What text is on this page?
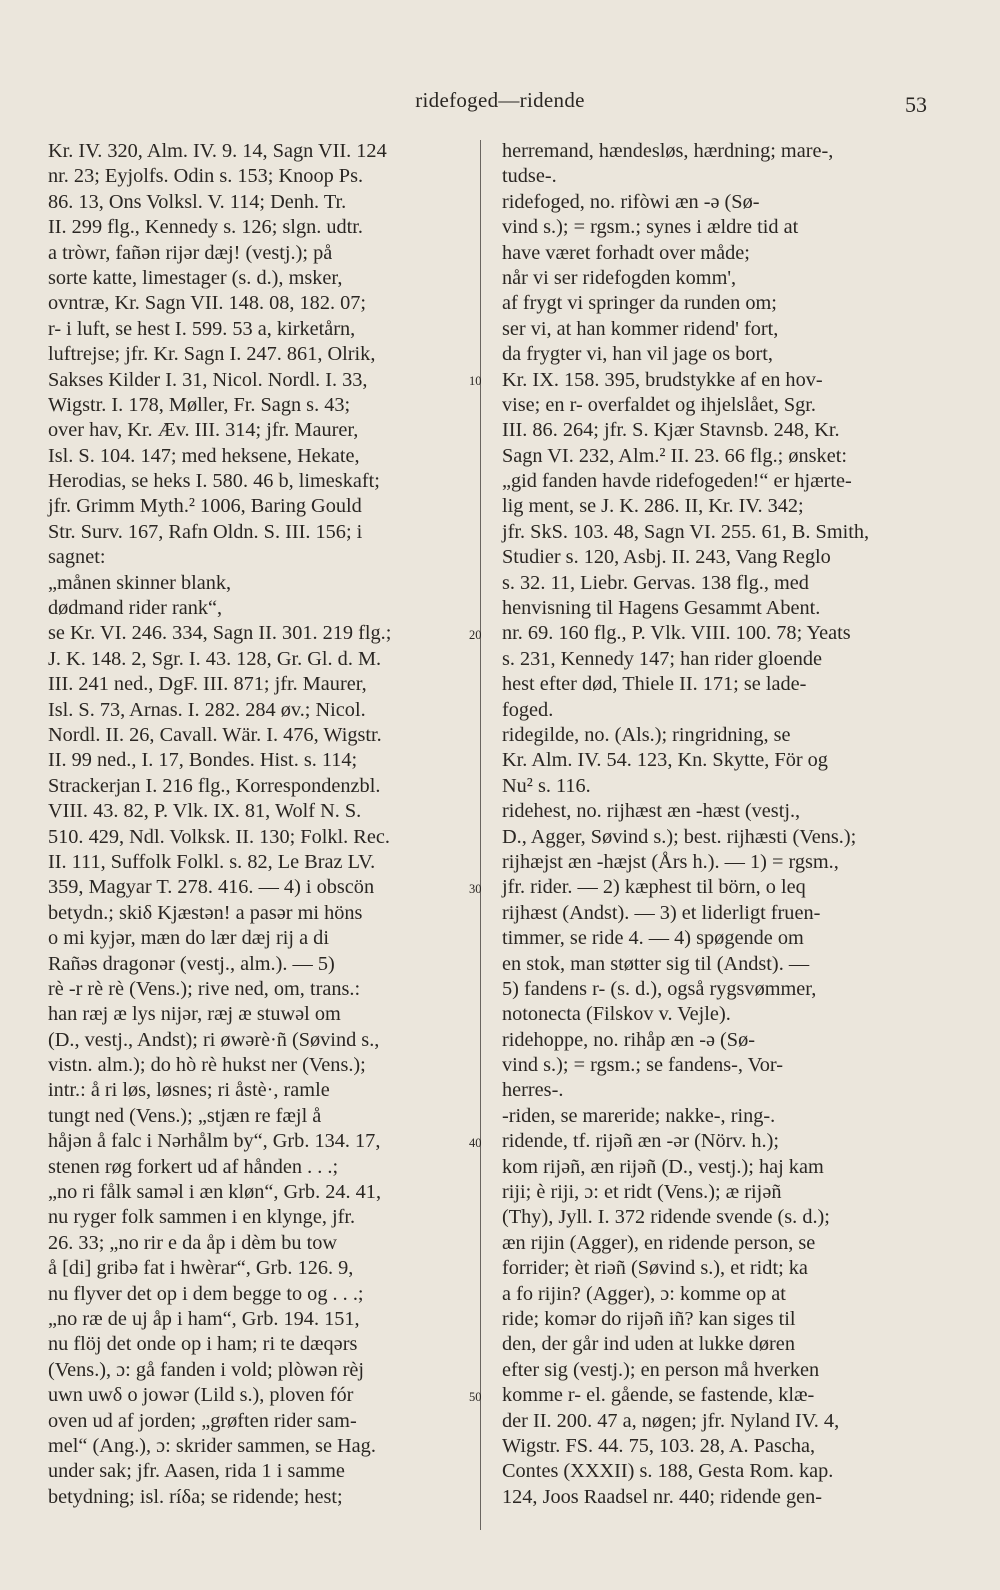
ridefoged—ridende	53
Kr. IV. 320, Alm. IV. 9. 14, Sagn VII. 124
nr. 23; Eyjolfs. Odin s. 153; Knoop Ps.
86. 13, Ons Volksl. V. 114; Denh. Tr.
II. 299 flg., Kennedy s. 126; slgn. udtr.
a tròwr, fañən rijər dæj! (vestj.); på
sorte katte, limestager (s. d.), msker,
ovntræ, Kr. Sagn VII. 148. 08, 182. 07;
r- i luft, se hest I. 599. 53 a, kirketårn,
luftrejse; jfr. Kr. Sagn I. 247. 861, Olrik,
Sakses Kilder I. 31, Nicol. Nordl. I. 33,
Wigstr. I. 178, Møller, Fr. Sagn s. 43;
over hav, Kr. Æv. III. 314; jfr. Maurer,
Isl. S. 104. 147; med heksene, Hekate,
Herodias, se heks I. 580. 46 b, limeskaft;
jfr. Grimm Myth.² 1006, Baring Gould
Str. Surv. 167, Rafn Oldn. S. III. 156; i
sagnet:
„månen skinner blank,
dødmand rider rank“,
se Kr. VI. 246. 334, Sagn II. 301. 219 flg.;
J. K. 148. 2, Sgr. I. 43. 128, Gr. Gl. d. M.
III. 241 ned., DgF. III. 871; jfr. Maurer,
Isl. S. 73, Arnas. I. 282. 284 øv.; Nicol.
Nordl. II. 26, Cavall. Wär. I. 476, Wigstr.
II. 99 ned., I. 17, Bondes. Hist. s. 114;
Strackerjan I. 216 flg., Korrespondenzbl.
VIII. 43. 82, P. Vlk. IX. 81, Wolf N. S.
510. 429, Ndl. Volksk. II. 130; Folkl. Rec.
II. 111, Suffolk Folkl. s. 82, Le Braz LV.
359, Magyar T. 278. 416. — 4) i obscön
betydn.; skiδ Kjæstən! a pasər mi höns
o mi kyjər, mæn do lær dæj rij a di
Rañəs dragonər (vestj., alm.). — 5)
rè -r rè rè (Vens.); rive ned, om, trans.:
han ræj æ lys nijər, ræj æ stuwəl om
(D., vestj., Andst); ri øwərè·ñ (Søvind s.,
vistn. alm.); do hò rè hukst ner (Vens.);
intr.: å ri løs, løsnes; ri åstè·, ramle
tungt ned (Vens.); „stjæn re fæjl å
håjən å falc i Nərhålm by“, Grb. 134. 17,
stenen røg forkert ud af hånden . . .;
„no ri fålk saməl i æn kløn“, Grb. 24. 41,
nu ryger folk sammen i en klynge, jfr.
26. 33; „no rir e da åp i dèm bu tow
å [di] gribə fat i hwèrar“, Grb. 126. 9,
nu flyver det op i dem begge to og . . .;
„no ræ de uj åp i ham“, Grb. 194. 151,
nu flöj det onde op i ham; ri te dæqərs
(Vens.), ɔ: gå fanden i vold; plòwən rèj
uwn uwδ o jowər (Lild s.), ploven fór
oven ud af jorden; „grøften rider sam-
mel“ (Ang.), ɔ: skrider sammen, se Hag.
under sak; jfr. Aasen, rida 1 i samme
betydning; isl. ríδa; se ridende; hest;
herremand, hændesløs, hærdning; mare-,
tudse-.
ridefoged, no. rifòwi æn -ə (Sø-
vind s.); = rgsm.; synes i ældre tid at
have været forhadt over måde;
når vi ser ridefogden komm',
af frygt vi springer da runden om;
ser vi, at han kommer ridend' fort,
da frygter vi, han vil jage os bort,
Kr. IX. 158. 395, brudstykke af en hov-
vise; en r- overfaldet og ihjelslået, Sgr.
III. 86. 264; jfr. S. Kjær Stavnsb. 248, Kr.
Sagn VI. 232, Alm.² II. 23. 66 flg.; ønsket:
„gid fanden havde ridefogeden!“ er hjærte-
lig ment, se J. K. 286. II, Kr. IV. 342;
jfr. SkS. 103. 48, Sagn VI. 255. 61, B. Smith,
Studier s. 120, Asbj. II. 243, Vang Reglo
s. 32. 11, Liebr. Gervas. 138 flg., med
henvisning til Hagens Gesammt Abent.
nr. 69. 160 flg., P. Vlk. VIII. 100. 78; Yeats
s. 231, Kennedy 147; han rider gloende
hest efter død, Thiele II. 171; se lade-
foged.
ridegilde, no. (Als.); ringridning, se
Kr. Alm. IV. 54. 123, Kn. Skytte, För og
Nu² s. 116.
ridehest, no. rijhæst æn -hæst (vestj.,
D., Agger, Søvind s.); best. rijhæsti (Vens.);
rijhæjst æn -hæjst (Års h.). — 1) = rgsm.,
jfr. rider. — 2) kæphest til börn, o leq
rijhæst (Andst). — 3) et liderligt fruen-
timmer, se ride 4. — 4) spøgende om
en stok, man støtter sig til (Andst). —
5) fandens r- (s. d.), også rygsvømmer,
notonecta (Filskov v. Vejle).
ridehoppe, no. rihåp æn -ə (Sø-
vind s.); = rgsm.; se fandens-, Vor-
herres-.
-riden, se mareride; nakke-, ring-.
ridende, tf. rijəñ æn -ər (Nörv. h.);
kom rijəñ, æn rijəñ (D., vestj.); haj kam
riji; è riji, ɔ: et ridt (Vens.); æ rijəñ
(Thy), Jyll. I. 372 ridende svende (s. d.);
æn rijin (Agger), en ridende person, se
forrider; èt riəñ (Søvind s.), et ridt; ka
a fo rijin? (Agger), ɔ: komme op at
ride; komər do rijəñ iñ? kan siges til
den, der går ind uden at lukke døren
efter sig (vestj.); en person må hverken
komme r- el. gående, se fastende, klæ-
der II. 200. 47 a, nøgen; jfr. Nyland IV. 4,
Wigstr. FS. 44. 75, 103. 28, A. Pascha,
Contes (XXXII) s. 188, Gesta Rom. kap.
124, Joos Raadsel nr. 440; ridende gen-
10
20
30
40
50
